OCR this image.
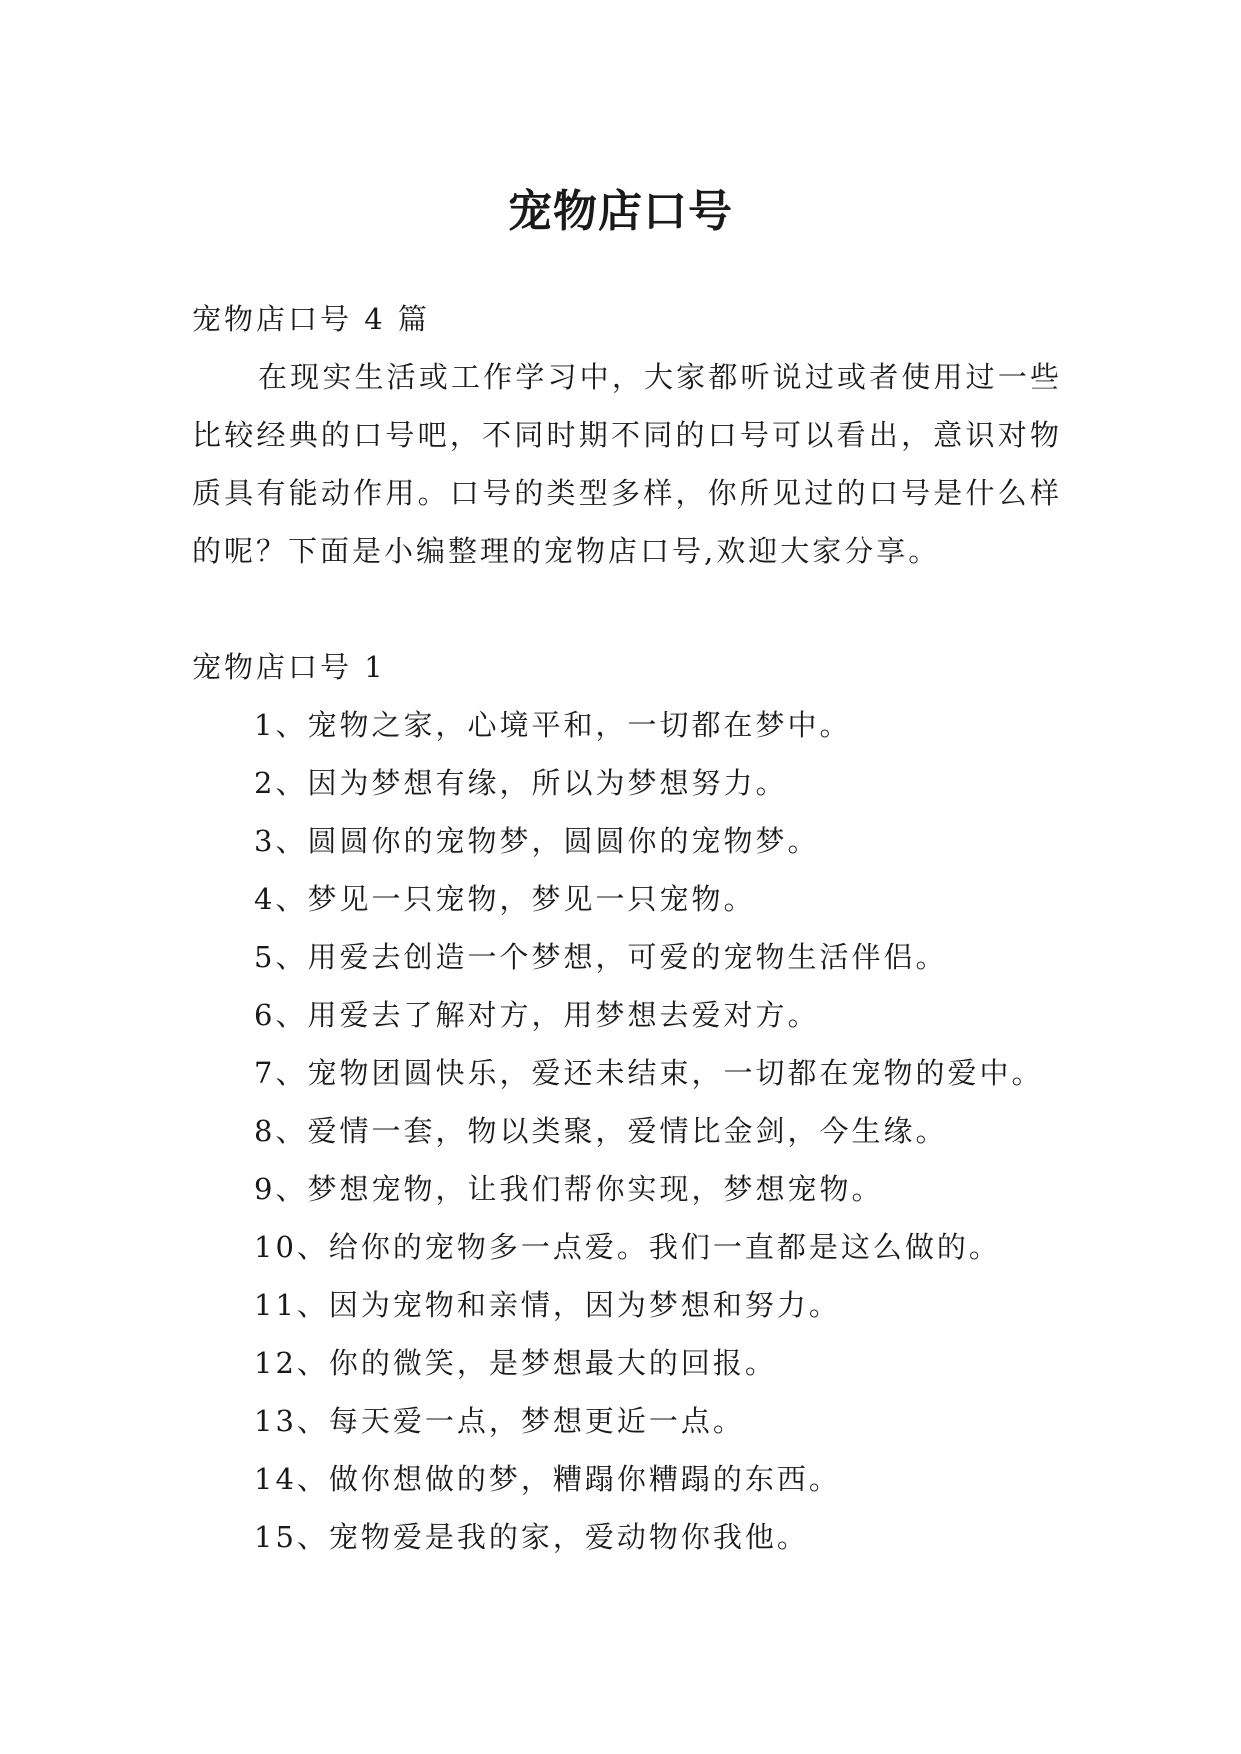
宠物店口号

宠物店口号 4 篇

在现实生活或工作学习中，大家都听说过或者使用过一些比较经典的口号吧，不同时期不同的口号可以看出，意识对物质具有能动作用。口号的类型多样，你所见过的口号是什么样的呢？下面是小编整理的宠物店口号,欢迎大家分享。

宠物店口号 1

1、宠物之家，心境平和，一切都在梦中。
2、因为梦想有缘，所以为梦想努力。
3、圆圆你的宠物梦，圆圆你的宠物梦。
4、梦见一只宠物，梦见一只宠物。
5、用爱去创造一个梦想，可爱的宠物生活伴侣。
6、用爱去了解对方，用梦想去爱对方。
7、宠物团圆快乐，爱还未结束，一切都在宠物的爱中。
8、爱情一套，物以类聚，爱情比金剑，今生缘。
9、梦想宠物，让我们帮你实现，梦想宠物。
10、给你的宠物多一点爱。我们一直都是这么做的。
11、因为宠物和亲情，因为梦想和努力。
12、你的微笑，是梦想最大的回报。
13、每天爱一点，梦想更近一点。
14、做你想做的梦，糟蹋你糟蹋的东西。
15、宠物爱是我的家，爱动物你我他。
